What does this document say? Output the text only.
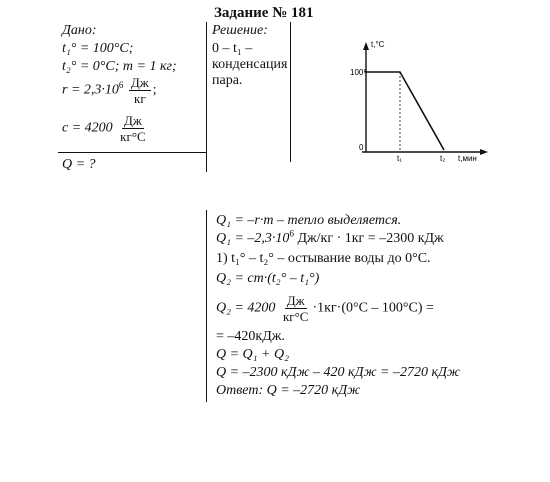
Задание № 181
Дано:
t₁° = 100°С;
t₂° = 0°С; m = 1 кг;
$r = 2,3\cdot 10^6 \frac{Дж}{кг}$ ;
$c = 4200 \frac{Дж}{кг^\circ С}$
Q = ?
Решение:
0 – t₁ –
конденсация
пара.
t,°C
100°
0
t₁	t₂ t,мин
Q₁ = –r·m – тепло выделяется.
$Q_1 = -2,3\cdot 10^6$ Дж/кг · 1кг = –2300 кДж
1) t₁° – t₂° – остывание воды до 0°С.
Q₂ = cm·(t₂° – t₁°)
$Q_2 = 4200 \frac{Дж}{кг^\circ С} \cdot 1кг\cdot(0^\circ С - 100^\circ С)$ =
= –420кДж.
Q = Q₁ + Q₂
Q = –2300 кДж – 420 кДж = –2720 кДж
Ответ: Q = –2720 кДж
